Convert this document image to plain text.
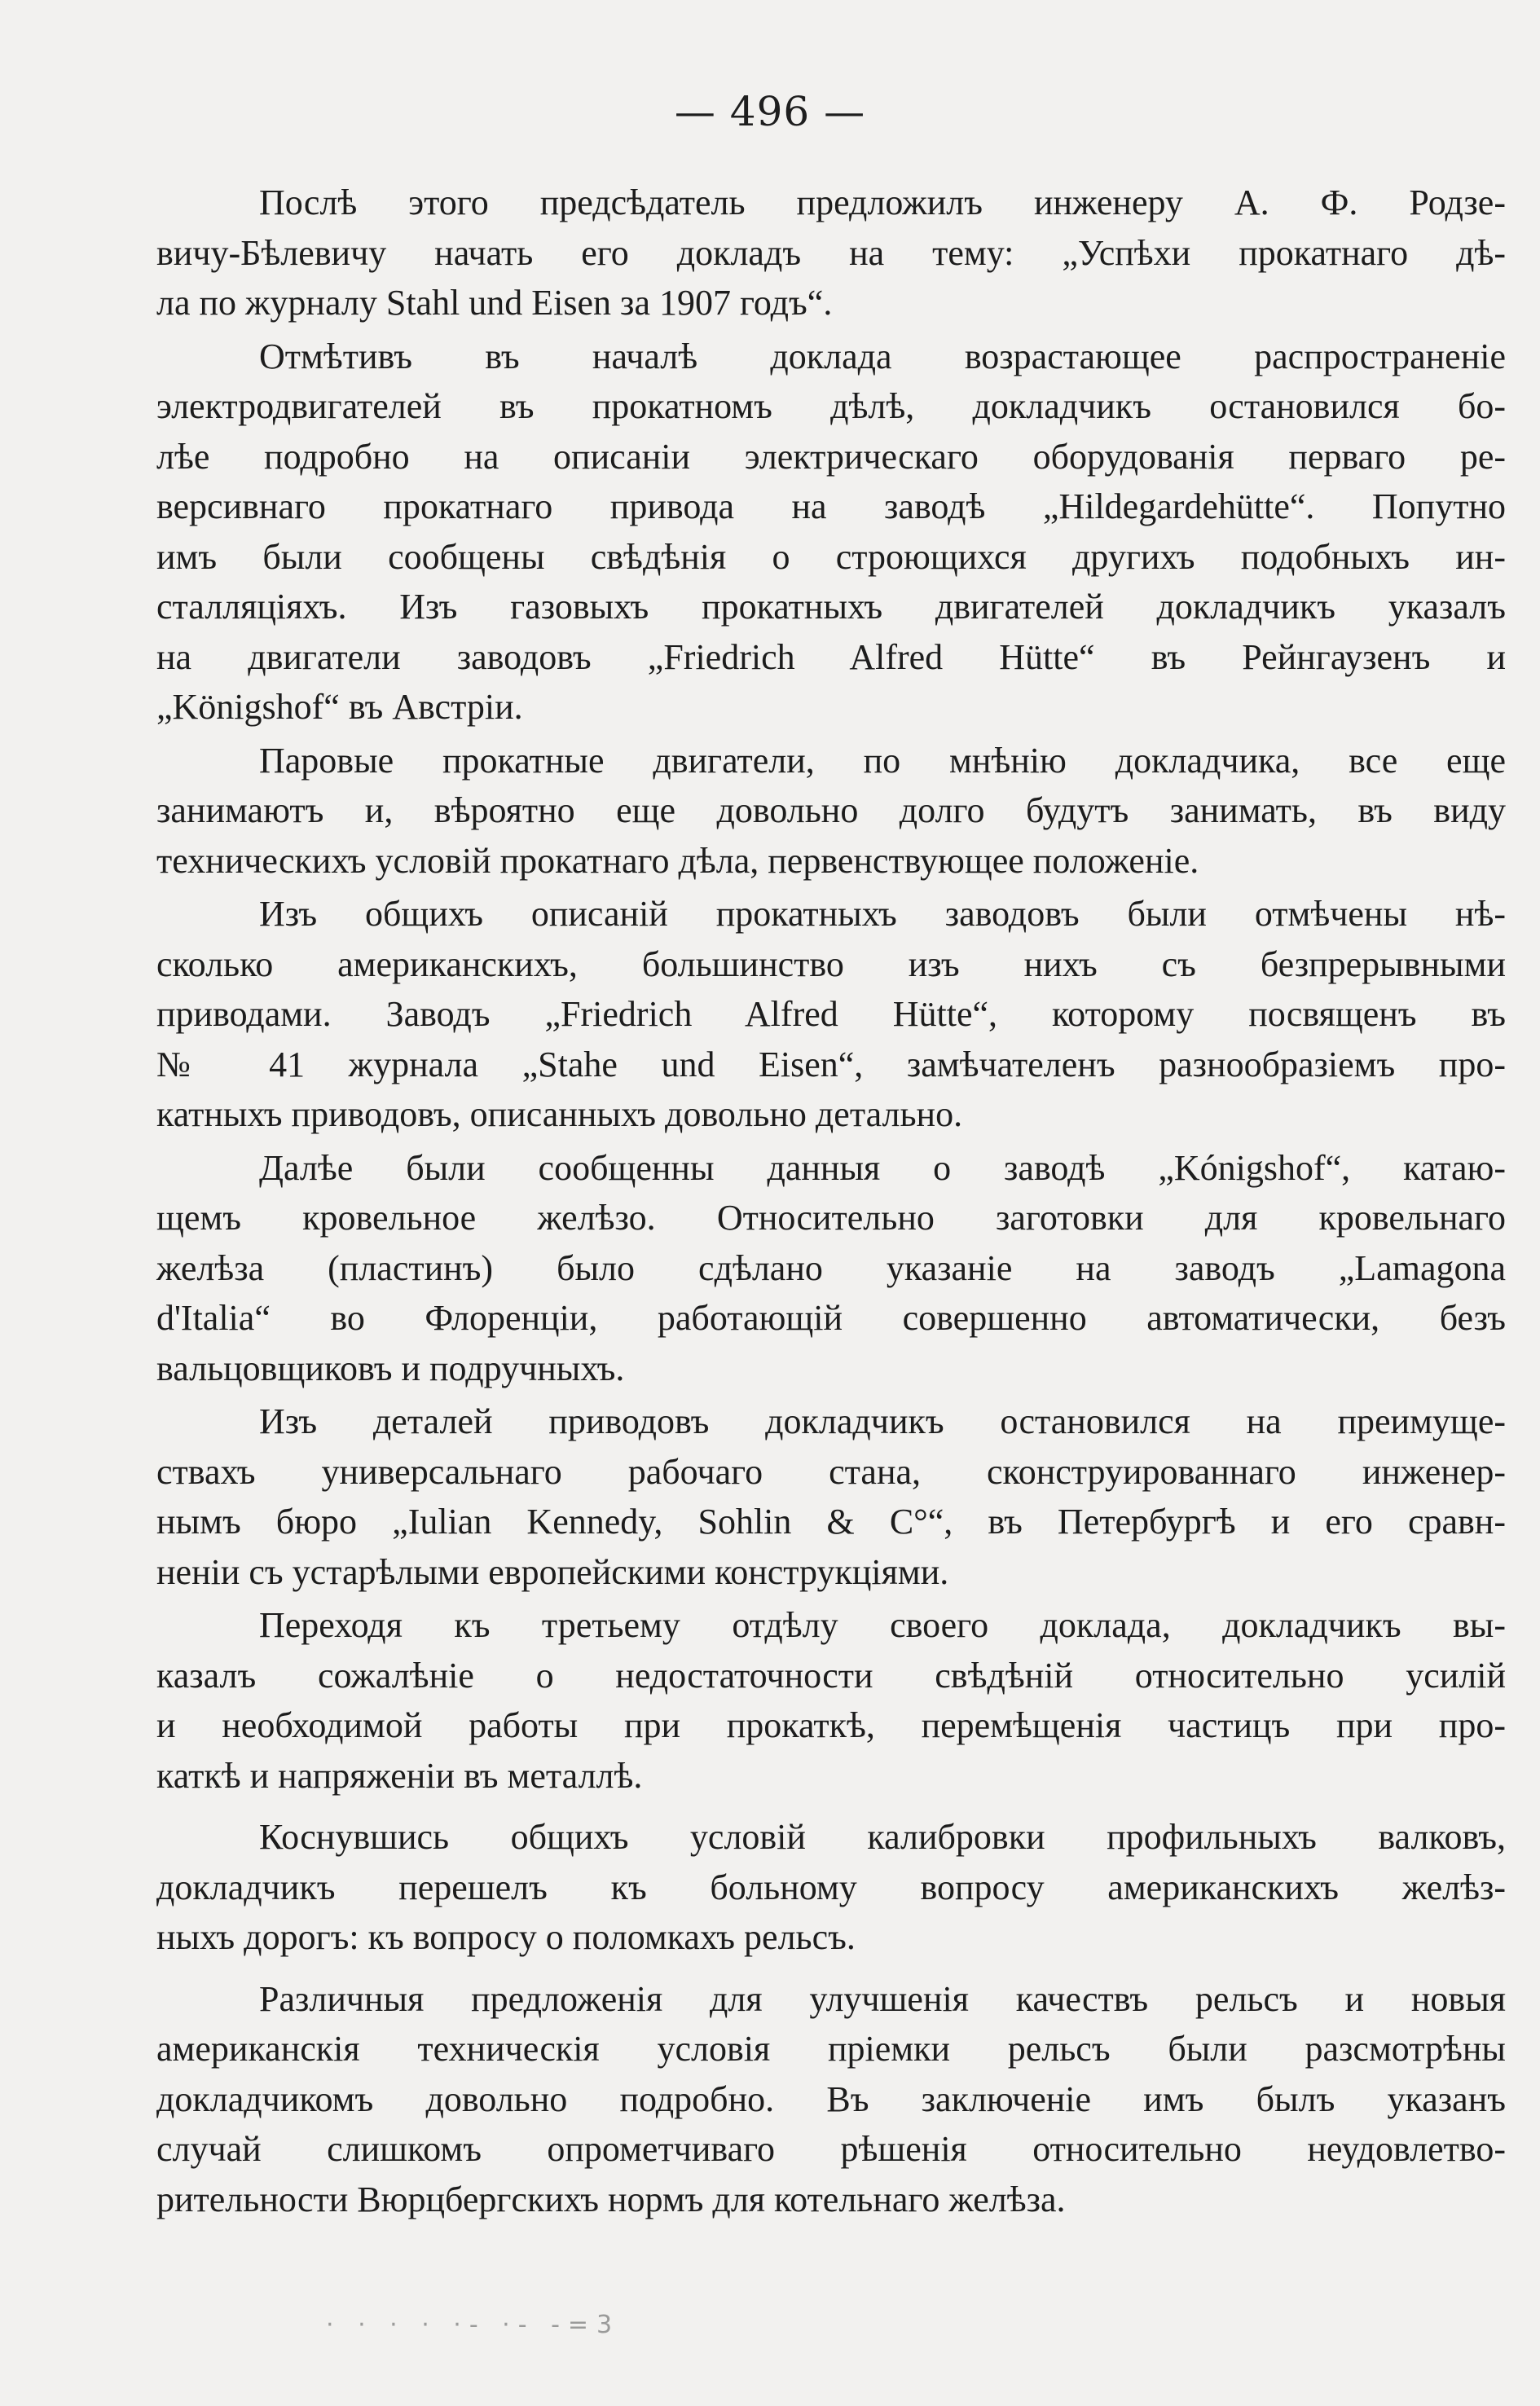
— 496 —
Послѣ этого предсѣдатель предложилъ инженеру А. Ф. Родзе-
вичу-Бѣлевичу начать его докладъ на тему: „Успѣхи прокатнаго дѣ-
ла по журналу Stahl und Eisen за 1907 годъ“.
Отмѣтивъ въ началѣ доклада возрастающее распространеніе
электродвигателей въ прокатномъ дѣлѣ, докладчикъ остановился бо-
лѣе подробно на описаніи электрическаго оборудованія перваго ре-
версивнаго прокатнаго привода на заводѣ „Hildegardehütte“. Попутно
имъ были сообщены свѣдѣнія о строющихся другихъ подобныхъ ин-
сталляціяхъ. Изъ газовыхъ прокатныхъ двигателей докладчикъ указалъ
на двигатели заводовъ „Friedrich Alfred Hütte“ въ Рейнгаузенъ и
„Königshof“ въ Австріи.
Паровые прокатные двигатели, по мнѣнію докладчика, все еще
занимаютъ и, вѣроятно еще довольно долго будутъ занимать, въ виду
техническихъ условій прокатнаго дѣла, первенствующее положеніе.
Изъ общихъ описаній прокатныхъ заводовъ были отмѣчены нѣ-
сколько американскихъ, большинство изъ нихъ съ безпрерывными
приводами. Заводъ „Friedrich Alfred Hütte“, которому посвященъ въ
№ 41 журнала „Stahe und Eisen“, замѣчателенъ разнообразіемъ про-
катныхъ приводовъ, описанныхъ довольно детально.
Далѣе были сообщенны данныя о заводѣ „Kónigshof“, катаю-
щемъ кровельное желѣзо. Относительно заготовки для кровельнаго
желѣза (пластинъ) было сдѣлано указаніе на заводъ „Lamagona
d'Italia“ во Флоренціи, работающій совершенно автоматически, безъ
вальцовщиковъ и подручныхъ.
Изъ деталей приводовъ докладчикъ остановился на преимуще-
ствахъ универсальнаго рабочаго стана, сконструированнаго инженер-
нымъ бюро „Iulian Kennedy, Sohlin & C°“, въ Петербургѣ и его сравн-
неніи съ устарѣлыми европейскими конструкціями.
Переходя къ третьему отдѣлу своего доклада, докладчикъ вы-
казалъ сожалѣніе о недостаточности свѣдѣній относительно усилій
и необходимой работы при прокаткѣ, перемѣщенія частицъ при про-
каткѣ и напряженіи въ металлѣ.
Коснувшись общихъ условій калибровки профильныхъ валковъ,
докладчикъ перешелъ къ больному вопросу американскихъ желѣз-
ныхъ дорогъ: къ вопросу о поломкахъ рельсъ.
Различныя предложенія для улучшенія качествъ рельсъ и новыя
американскія техническія условія пріемки рельсъ были разсмотрѣны
докладчикомъ довольно подробно. Въ заключеніе имъ былъ указанъ
случай слишкомъ опрометчиваго рѣшенія относительно неудовлетво-
рительности Вюрцбергскихъ нормъ для котельнаго желѣза.
· · · · ·- ·- -=3
